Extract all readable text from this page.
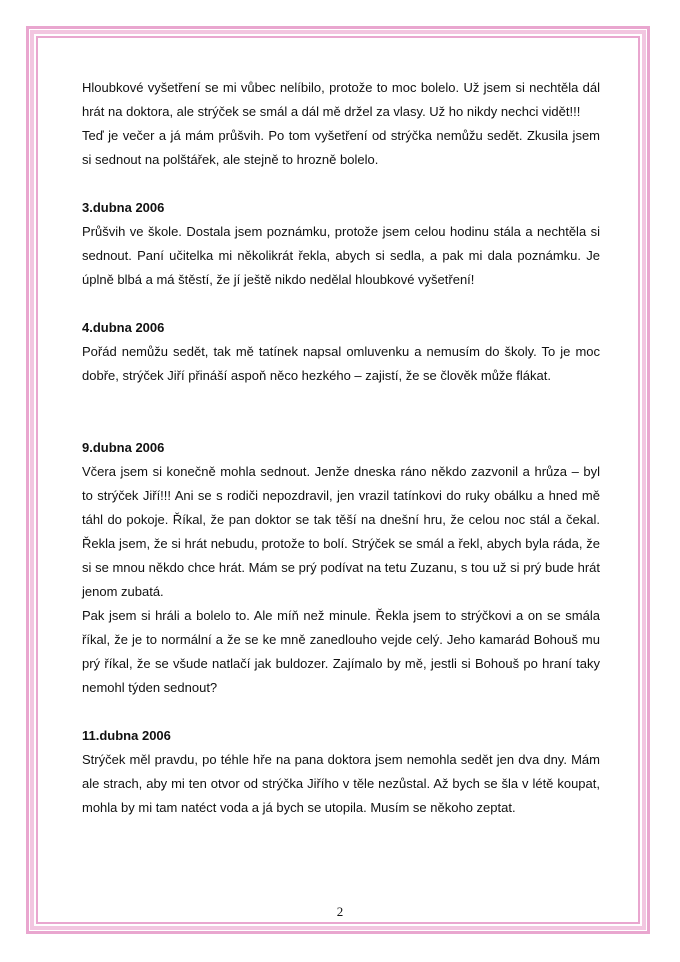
Hloubkové vyšetření se mi vůbec nelíbilo, protože to moc bolelo. Už jsem si nechtěla dál hrát na doktora, ale strýček se smál a dál mě držel za vlasy. Už ho nikdy nechci vidět!!!

Teď je večer a já mám průšvih. Po tom vyšetření od strýčka nemůžu sedět. Zkusila jsem si sednout na polštářek, ale stejně to hrozně bolelo.

3.dubna 2006

Průšvih ve škole. Dostala jsem poznámku, protože jsem celou hodinu stála a nechtěla si sednout. Paní učitelka mi několikrát řekla, abych si sedla, a pak mi dala poznámku. Je úplně blbá a má štěstí, že jí ještě nikdo nedělal hloubkové vyšetření!

4.dubna 2006

Pořád nemůžu sedět, tak mě tatínek napsal omluvenku a nemusím do školy. To je moc dobře, strýček Jiří přináší aspoň něco hezkého – zajistí, že se člověk může flákat.

9.dubna 2006

Včera jsem si konečně mohla sednout. Jenže dneska ráno někdo zazvonil a hrůza – byl to strýček Jiří!!! Ani se s rodiči nepozdravil, jen vrazil tatínkovi do ruky obálku a hned mě táhl do pokoje. Říkal, že pan doktor se tak těší na dnešní hru, že celou noc stál a čekal. Řekla jsem, že si hrát nebudu, protože to bolí. Strýček se smál a řekl, abych byla ráda, že si se mnou někdo chce hrát. Mám se prý podívat na tetu Zuzanu, s tou už si prý bude hrát jenom zubatá.

Pak jsem si hráli a bolelo to. Ale míň než minule. Řekla jsem to strýčkovi a on se smála říkal, že je to normální a že se ke mně zanedlouho vejde celý. Jeho kamarád Bohouš mu prý říkal, že se všude natlačí jak buldozer. Zajímalo by mě, jestli si Bohouš po hraní taky nemohl týden sednout?

11.dubna 2006

Strýček měl pravdu, po téhle hře na pana doktora jsem nemohla sedět jen dva dny. Mám ale strach, aby mi ten otvor od strýčka Jiřího v těle nezůstal. Až bych se šla v létě koupat, mohla by mi tam natéct voda a já bych se utopila. Musím se někoho zeptat.

2
